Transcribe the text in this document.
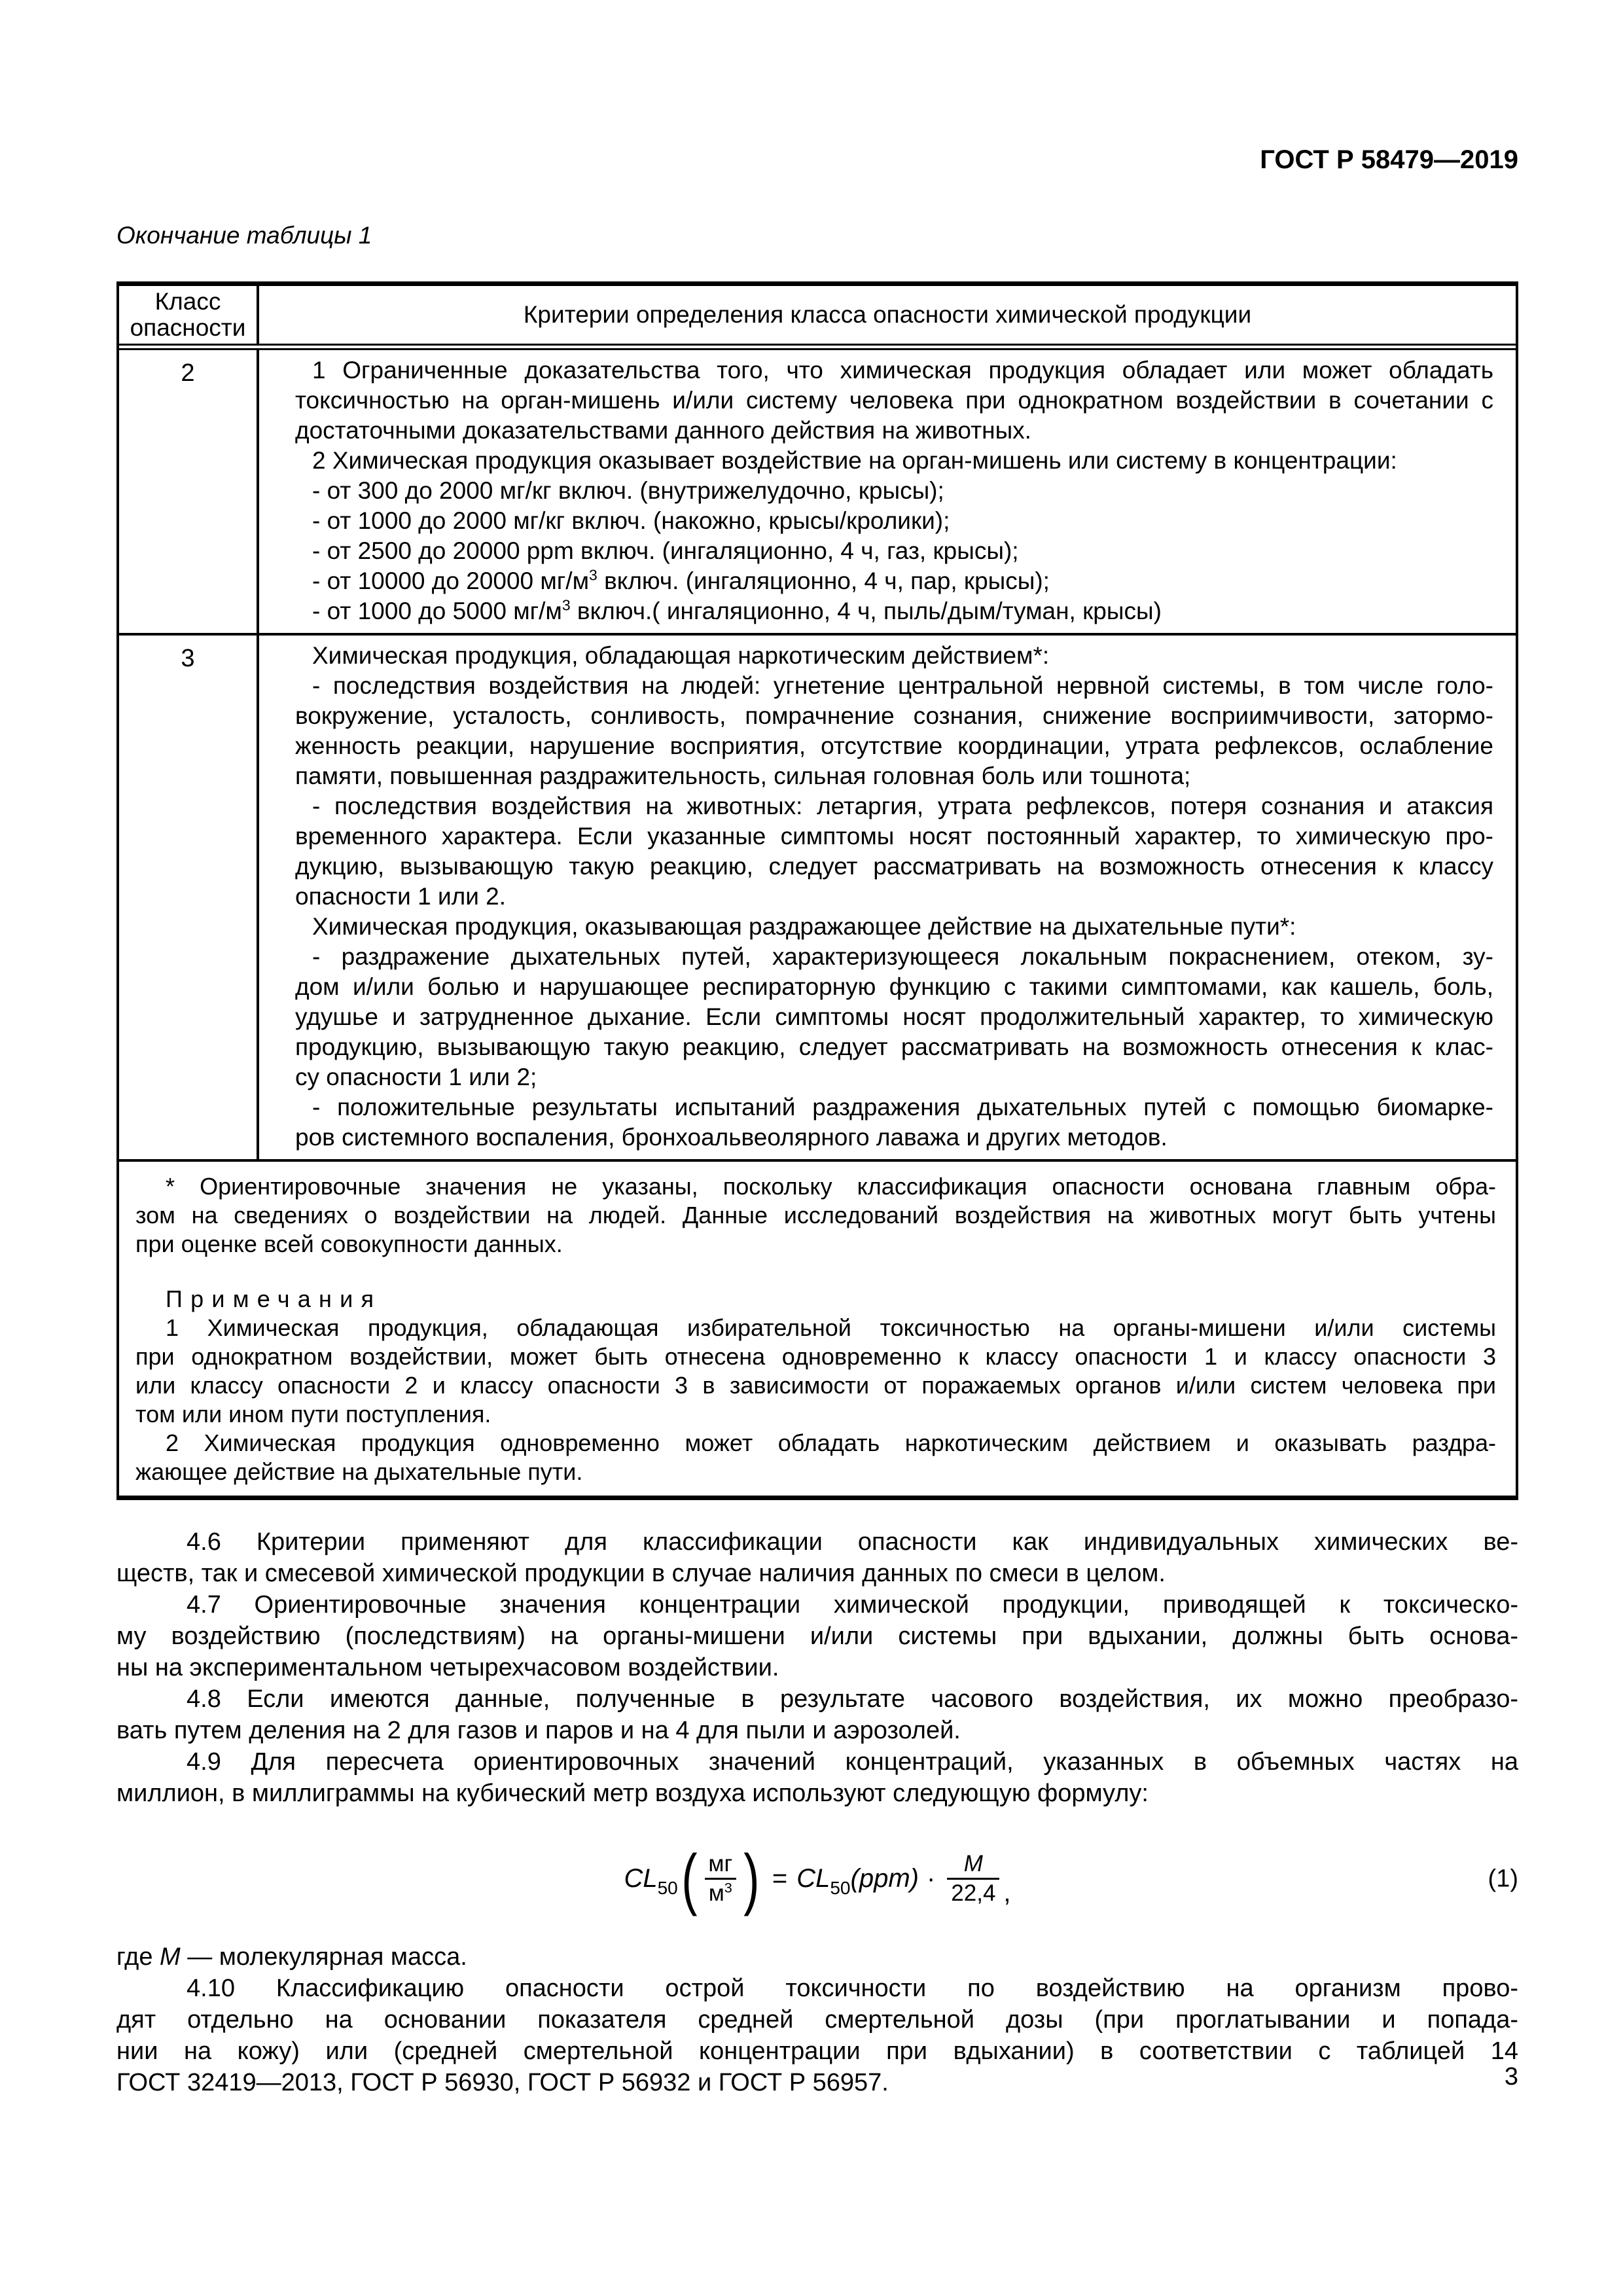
ГОСТ Р 58479—2019
Окончание таблицы 1
Класс опасности	Критерии определения класса опасности химической продукции
2	1 Ограниченные доказательства того, что химическая продукция обладает или может обладать
токсичностью на орган-мишень и/или систему человека при однократном воздействии в сочетании с
достаточными доказательствами данного действия на животных.
2 Химическая продукция оказывает воздействие на орган-мишень или систему в концентрации:
- от 300 до 2000 мг/кг включ. (внутрижелудочно, крысы);
- от 1000 до 2000 мг/кг включ. (накожно, крысы/кролики);
- от 2500 до 20000 ppm включ. (ингаляционно, 4 ч, газ, крысы);
- от 10000 до 20000 $мг/м^3$ включ. (ингаляционно, 4 ч, пар, крысы);
- от 1000 до 5000 $мг/м^3$ включ.( ингаляционно, 4 ч, пыль/дым/туман, крысы)
3	Химическая продукция, обладающая наркотическим действием*:
- последствия воздействия на людей: угнетение центральной нервной системы, в том числе голо-
вокружение, усталость, сонливость, помрачнение сознания, снижение восприимчивости, затормо-
женность реакции, нарушение восприятия, отсутствие координации, утрата рефлексов, ослабление
памяти, повышенная раздражительность, сильная головная боль или тошнота;
- последствия воздействия на животных: летаргия, утрата рефлексов, потеря сознания и атаксия
временного характера. Если указанные симптомы носят постоянный характер, то химическую про-
дукцию, вызывающую такую реакцию, следует рассматривать на возможность отнесения к классу
опасности 1 или 2.
Химическая продукция, оказывающая раздражающее действие на дыхательные пути*:
- раздражение дыхательных путей, характеризующееся локальным покраснением, отеком, зу-
дом и/или болью и нарушающее респираторную функцию с такими симптомами, как кашель, боль,
удушье и затрудненное дыхание. Если симптомы носят продолжительный характер, то химическую
продукцию, вызывающую такую реакцию, следует рассматривать на возможность отнесения к клас-
су опасности 1 или 2;
- положительные результаты испытаний раздражения дыхательных путей с помощью биомарке-
ров системного воспаления, бронхоальвеолярного лаважа и других методов.
* Ориентировочные значения не указаны, поскольку классификация опасности основана главным обра-
зом на сведениях о воздействии на людей. Данные исследований воздействия на животных могут быть учтены
при оценке всей совокупности данных.
Примечания
1 Химическая продукция, обладающая избирательной токсичностью на органы-мишени и/или системы
при однократном воздействии, может быть отнесена одновременно к классу опасности 1 и классу опасности 3
или классу опасности 2 и классу опасности 3 в зависимости от поражаемых органов и/или систем человека при
том или ином пути поступления.
2 Химическая продукция одновременно может обладать наркотическим действием и оказывать раздра-
жающее действие на дыхательные пути.
4.6 Критерии применяют для классификации опасности как индивидуальных химических ве-
ществ, так и смесевой химической продукции в случае наличия данных по смеси в целом.
4.7 Ориентировочные значения концентрации химической продукции, приводящей к токсическо-
му воздействию (последствиям) на органы-мишени и/или системы при вдыхании, должны быть основа-
ны на экспериментальном четырехчасовом воздействии.
4.8 Если имеются данные, полученные в результате часового воздействия, их можно преобразо-
вать путем деления на 2 для газов и паров и на 4 для пыли и аэрозолей.
4.9 Для пересчета ориентировочных значений концентраций, указанных в объемных частях на
миллион, в миллиграммы на кубический метр воздуха используют следующую формулу:
CL 50 ( $\frac{мг}{м^3}$ ) = CL 50 $(ppm) \cdot \frac{M}{22,4}$ ,	(1)
где М — молекулярная масса.
4.10 Классификацию опасности острой токсичности по воздействию на организм прово-
дят отдельно на основании показателя средней смертельной дозы (при проглатывании и попада-
нии на кожу) или (средней смертельной концентрации при вдыхании) в соответствии с таблицей 14
ГОСТ 32419—2013, ГОСТ Р 56930, ГОСТ Р 56932 и ГОСТ Р 56957.	3
